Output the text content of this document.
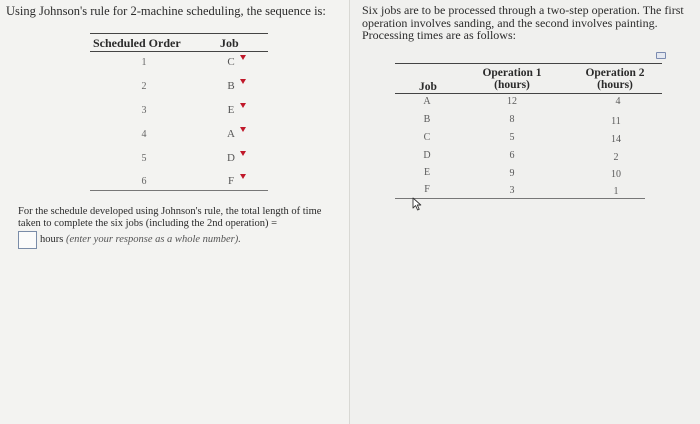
Using Johnson's rule for 2-machine scheduling, the sequence is:
Scheduled Order	Job
1	C
2	B
3	E
4	A
5	D
6	F
For the schedule developed using Johnson's rule, the total length of time taken to complete the six jobs (including the 2nd operation) =
hours (enter your response as a whole number).
Six jobs are to be processed through a two-step operation. The first operation involves sanding, and the second involves painting. Processing times are as follows:
Job
Operation 1
(hours)
Operation 2
(hours)
A	12	4
B	8	11
C	5	14
D	6	2
E	9	10
F	3	1
